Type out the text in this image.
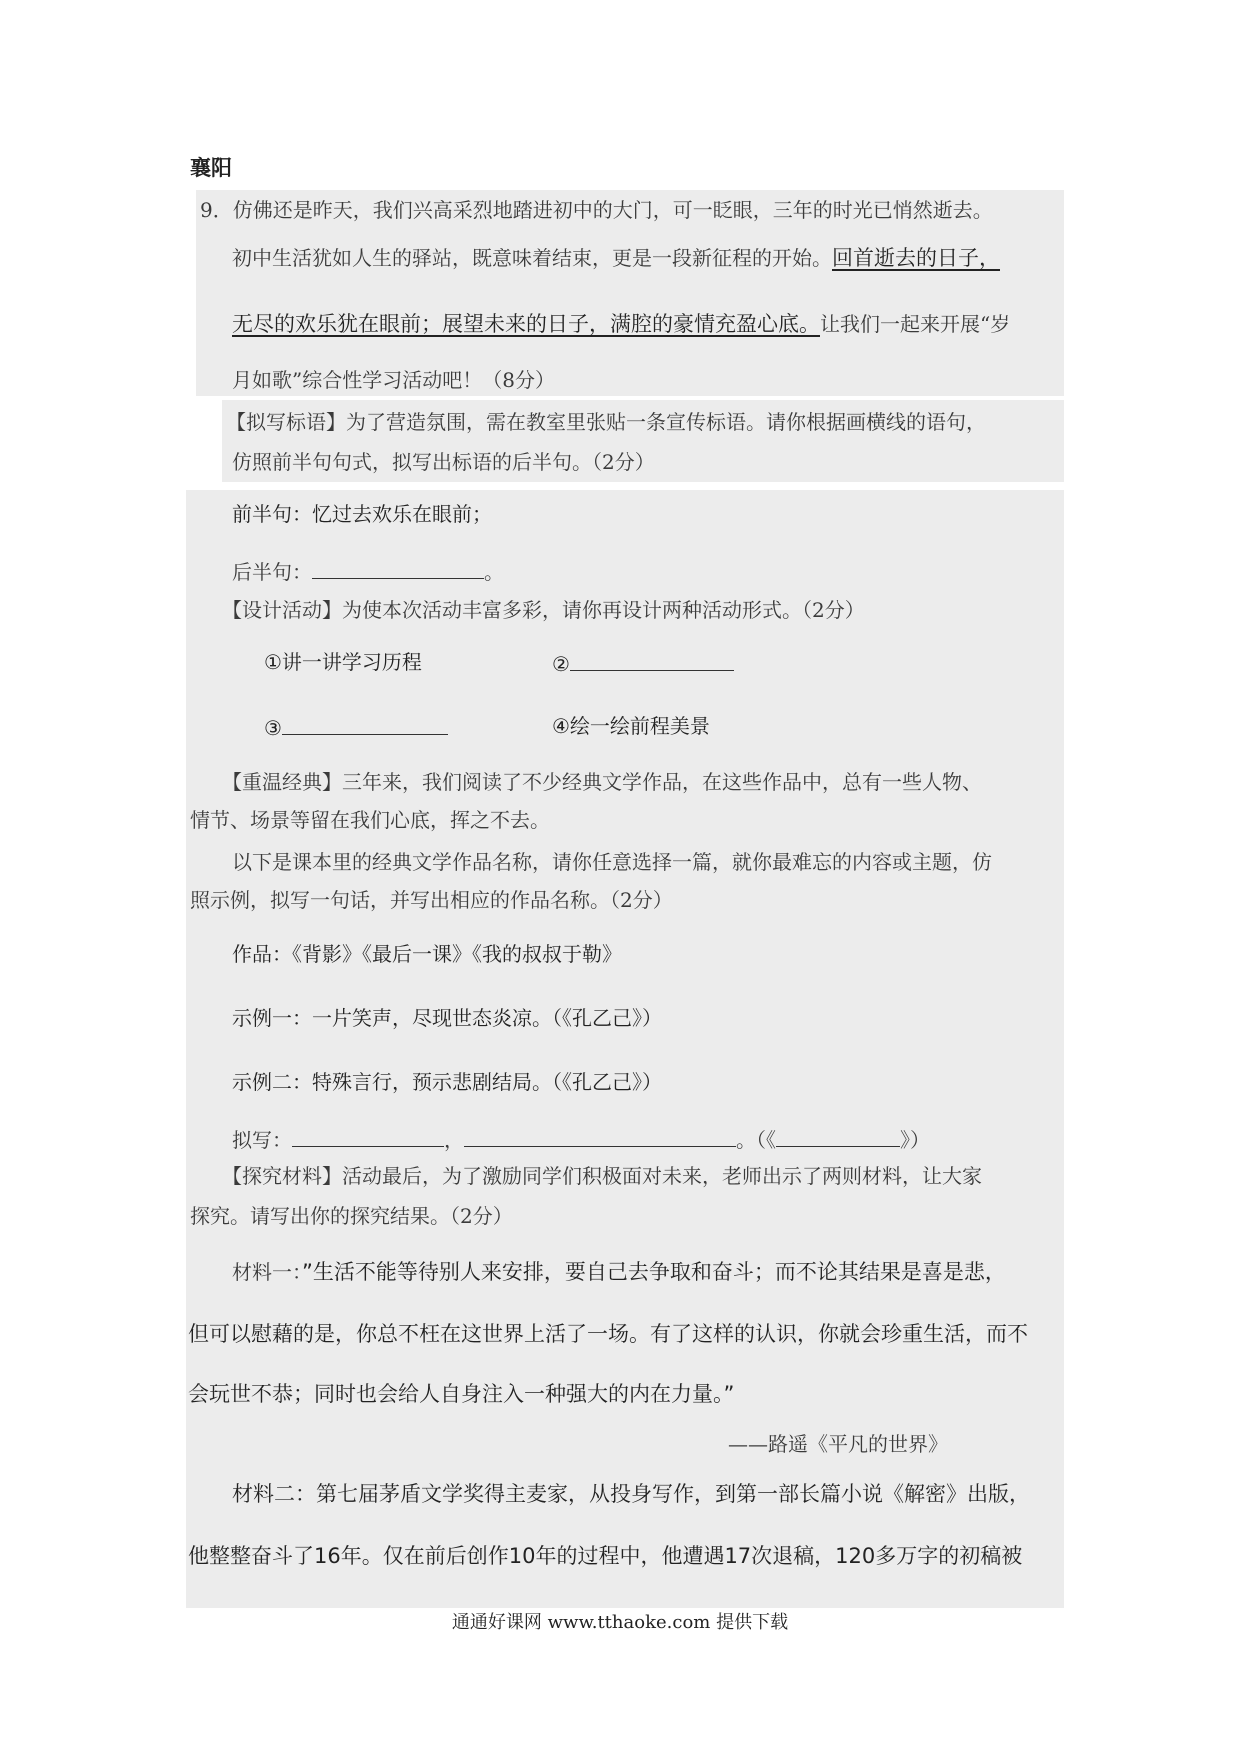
襄阳
9．仿佛还是昨天，我们兴高采烈地踏进初中的大门，可一眨眼，三年的时光已悄然逝去。
初中生活犹如人生的驿站，既意味着结束，更是一段新征程的开始。回首逝去的日子，
无尽的欢乐犹在眼前；展望未来的日子，满腔的豪情充盈心底。让我们一起来开展“岁
月如歌”综合性学习活动吧！（8分）
【拟写标语】为了营造氛围，需在教室里张贴一条宣传标语。请你根据画横线的语句，
仿照前半句句式，拟写出标语的后半句。（2分）
前半句：忆过去欢乐在眼前；
后半句：	。
【设计活动】为使本次活动丰富多彩，请你再设计两种活动形式。（2分）
①讲一讲学习历程	②
③	④绘一绘前程美景
【重温经典】三年来，我们阅读了不少经典文学作品，在这些作品中，总有一些人物、
情节、场景等留在我们心底，挥之不去。
以下是课本里的经典文学作品名称，请你任意选择一篇，就你最难忘的内容或主题，仿
照示例，拟写一句话，并写出相应的作品名称。（2分）
作品：《背影》《最后一课》《我的叔叔于勒》
示例一：一片笑声，尽现世态炎凉。（《孔乙己》）
示例二：特殊言行，预示悲剧结局。（《孔乙己》）
拟写：	，	。（《	》）
【探究材料】活动最后，为了激励同学们积极面对未来，老师出示了两则材料，让大家
探究。请写出你的探究结果。（2分）
材料一：”生活不能等待别人来安排，要自己去争取和奋斗；而不论其结果是喜是悲，
但可以慰藉的是，你总不枉在这世界上活了一场。有了这样的认识，你就会珍重生活，而不
会玩世不恭；同时也会给人自身注入一种强大的内在力量。”
——路遥《平凡的世界》
材料二：第七届茅盾文学奖得主麦家，从投身写作，到第一部长篇小说《解密》出版，
他整整奋斗了16年。仅在前后创作10年的过程中，他遭遇17次退稿，120多万字的初稿被
通通好课网 www.tthaoke.com 提供下载
